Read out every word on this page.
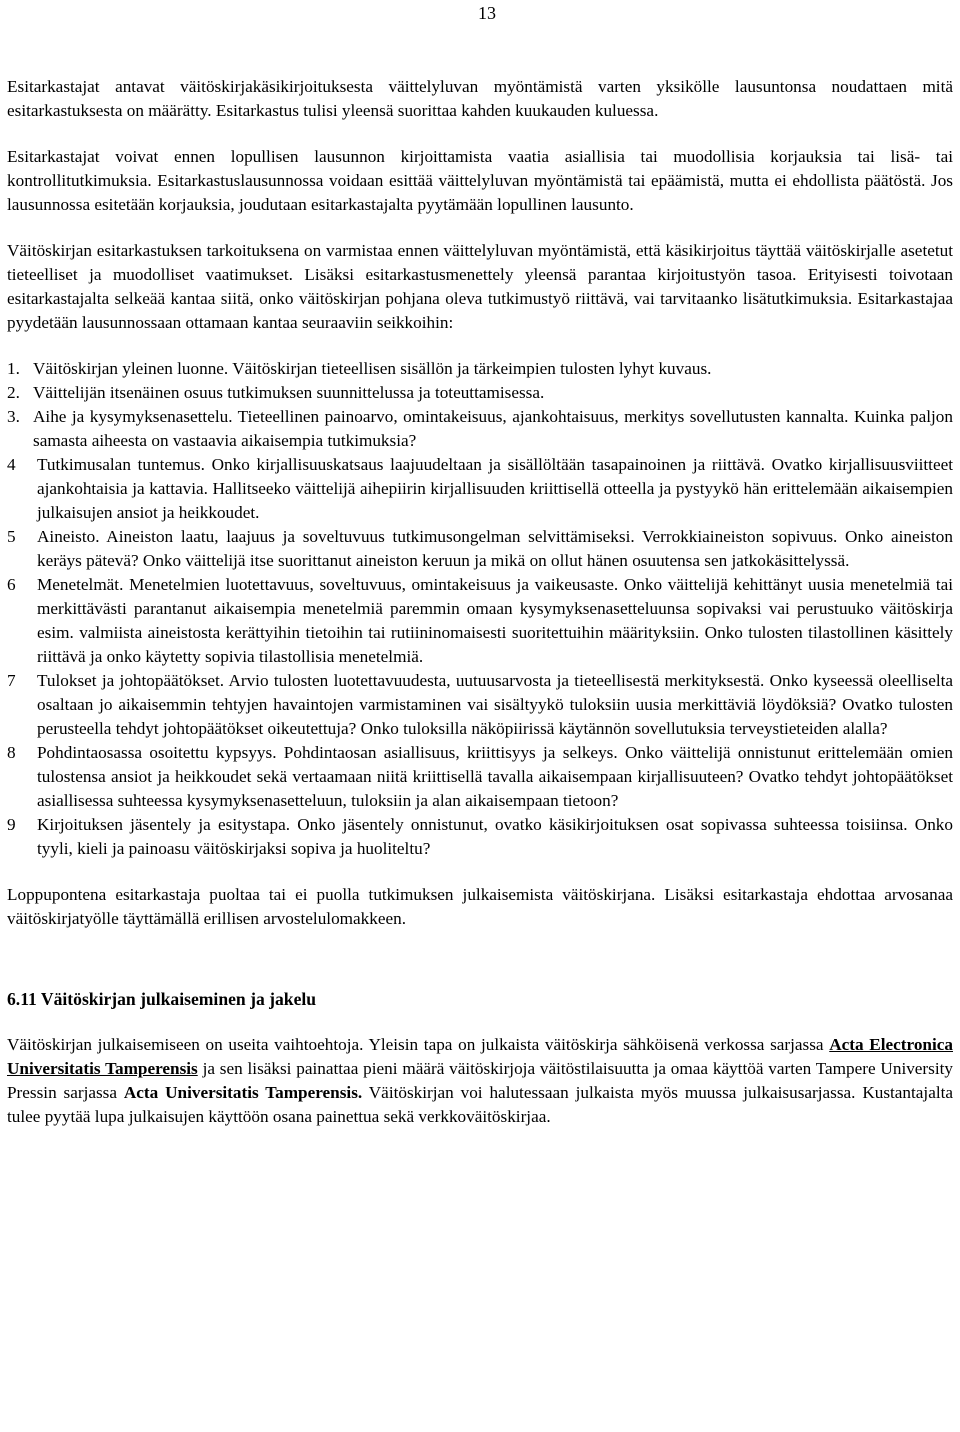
13

Esitarkastajat antavat väitöskirjakäsikirjoituksesta väittelyluvan myöntämistä varten yksikölle lausuntonsa noudattaen mitä esitarkastuksesta on määrätty. Esitarkastus tulisi yleensä suorittaa kahden kuukauden kuluessa.

Esitarkastajat voivat ennen lopullisen lausunnon kirjoittamista vaatia asiallisia tai muodollisia korjauksia tai lisä- tai kontrollitutkimuksia. Esitarkastuslausunnossa voidaan esittää väittelyluvan myöntämistä tai epäämistä, mutta ei ehdollista päätöstä. Jos lausunnossa esitetään korjauksia, joudutaan esitarkastajalta pyytämään lopullinen lausunto.

Väitöskirjan esitarkastuksen tarkoituksena on varmistaa ennen väittelyluvan myöntämistä, että käsikirjoitus täyttää väitöskirjalle asetetut tieteelliset ja muodolliset vaatimukset. Lisäksi esitarkastusmenettely yleensä parantaa kirjoitustyön tasoa. Erityisesti toivotaan esitarkastajalta selkeää kantaa siitä, onko väitöskirjan pohjana oleva tutkimustyö riittävä, vai tarvitaanko lisätutkimuksia. Esitarkastajaa pyydetään lausunnossaan ottamaan kantaa seuraaviin seikkoihin:

1. Väitöskirjan yleinen luonne. Väitöskirjan tieteellisen sisällön ja tärkeimpien tulosten lyhyt kuvaus.
2. Väittelijän itsenäinen osuus tutkimuksen suunnittelussa ja toteuttamisessa.
3. Aihe ja kysymyksenasettelu. Tieteellinen painoarvo, omintakeisuus, ajankohtaisuus, merkitys sovellutusten kannalta. Kuinka paljon samasta aiheesta on vastaavia aikaisempia tutkimuksia?
4 Tutkimusalan tuntemus. Onko kirjallisuuskatsaus laajuudeltaan ja sisällöltään tasapainoinen ja riittävä. Ovatko kirjallisuusviitteet ajankohtaisia ja kattavia. Hallitseeko väittelijä aihepiirin kirjallisuuden kriittisellä otteella ja pystyykö hän erittelemään aikaisempien julkaisujen ansiot ja heikkoudet.
5 Aineisto. Aineiston laatu, laajuus ja soveltuvuus tutkimusongelman selvittämiseksi. Verrokkiaineiston sopivuus. Onko aineiston keräys pätevä? Onko väittelijä itse suorittanut aineiston keruun ja mikä on ollut hänen osuutensa sen jatkokäsittelyssä.
6 Menetelmät. Menetelmien luotettavuus, soveltuvuus, omintakeisuus ja vaikeusaste. Onko väittelijä kehittänyt uusia menetelmiä tai merkittävästi parantanut aikaisempia menetelmiä paremmin omaan kysymyksenasetteluunsa sopivaksi vai perustuuko väitöskirja esim. valmiista aineistosta kerättyihin tietoihin tai rutiininomaisesti suoritettuihin määrityksiin. Onko tulosten tilastollinen käsittely riittävä ja onko käytetty sopivia tilastollisia menetelmiä.
7 Tulokset ja johtopäätökset. Arvio tulosten luotettavuudesta, uutuusarvosta ja tieteellisestä merkityksestä. Onko kyseessä oleelliselta osaltaan jo aikaisemmin tehtyjen havaintojen varmistaminen vai sisältyykö tuloksiin uusia merkittäviä löydöksiä? Ovatko tulosten perusteella tehdyt johtopäätökset oikeutettuja? Onko tuloksilla näköpiirissä käytännön sovellutuksia terveystieteiden alalla?
8 Pohdintaosassa osoitettu kypsyys. Pohdintaosan asiallisuus, kriittisyys ja selkeys. Onko väittelijä onnistunut erittelemään omien tulostensa ansiot ja heikkoudet sekä vertaamaan niitä kriittisellä tavalla aikaisempaan kirjallisuuteen? Ovatko tehdyt johtopäätökset asiallisessa suhteessa kysymyksenasetteluun, tuloksiin ja alan aikaisempaan tietoon?
9 Kirjoituksen jäsentely ja esitystapa. Onko jäsentely onnistunut, ovatko käsikirjoituksen osat sopivassa suhteessa toisiinsa. Onko tyyli, kieli ja painoasu väitöskirjaksi sopiva ja huoliteltu?

Loppupontena esitarkastaja puoltaa tai ei puolla tutkimuksen julkaisemista väitöskirjana. Lisäksi esitarkastaja ehdottaa arvosanaa väitöskirjatyölle täyttämällä erillisen arvostelulomakkeen.

6.11 Väitöskirjan julkaiseminen ja jakelu

Väitöskirjan julkaisemiseen on useita vaihtoehtoja. Yleisin tapa on julkaista väitöskirja sähköisenä verkossa sarjassa Acta Electronica Universitatis Tamperensis ja sen lisäksi painattaa pieni määrä väitöskirjoja väitöstilaisuutta ja omaa käyttöä varten Tampere University Pressin sarjassa Acta Universitatis Tamperensis. Väitöskirjan voi halutessaan julkaista myös muussa julkaisusarjassa. Kustantajalta tulee pyytää lupa julkaisujen käyttöön osana painettua sekä verkkoväitöskirjaa.
